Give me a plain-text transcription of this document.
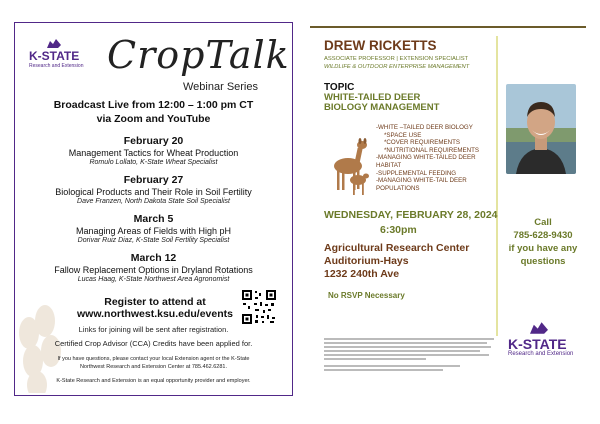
K-STATE
Research and Extension CropTalk
Webinar Series
Broadcast Live from 12:00 – 1:00 pm CT
via Zoom and YouTube
February 20
Management Tactics for Wheat Production
Romulo Lollato, K-State Wheat Specialist
February 27
Biological Products and Their Role in Soil Fertility
Dave Franzen, North Dakota State Soil Specialist
March 5
Managing Areas of Fields with High pH
Dorivar Ruiz Diaz, K-State Soil Fertility Specialist
March 12
Fallow Replacement Options in Dryland Rotations
Lucas Haag, K-State Northwest Area Agronomist
Register to attend at
www.northwest.ksu.edu/events
Links for joining will be sent after registration.
Certified Crop Advisor (CCA) Credits have been applied for.
If you have questions, please contact your local Extension agent or the K-State
Northwest Research and Extension Center at 785.462.6281.
K-State Research and Extension is an equal opportunity provider and employer.
DREW RICKETTS
ASSOCIATE PROFESSOR | EXTENSION SPECIALIST
WILDLIFE & OUTDOOR ENTERPRISE MANAGEMENT
TOPIC
WHITE-TAILED DEER
BIOLOGY MANAGEMENT
-WHITE –TAILED DEER BIOLOGY
*SPACE USE
*COVER REQUIREMENTS
*NUTRITIONAL REQUIREMENTS
-MANAGING WHITE-TAILED DEER HABITAT
-SUPPLEMENTAL FEEDING
-MANAGING WHITE-TAIL DEER POPULATIONS
WEDNESDAY, FEBRUARY 28, 2024
6:30pm
Agricultural Research Center
Auditorium-Hays
1232 240th Ave
No RSVP Necessary
Call
785-628-9430
if you have any
questions
K-STATE
Research and Extension
